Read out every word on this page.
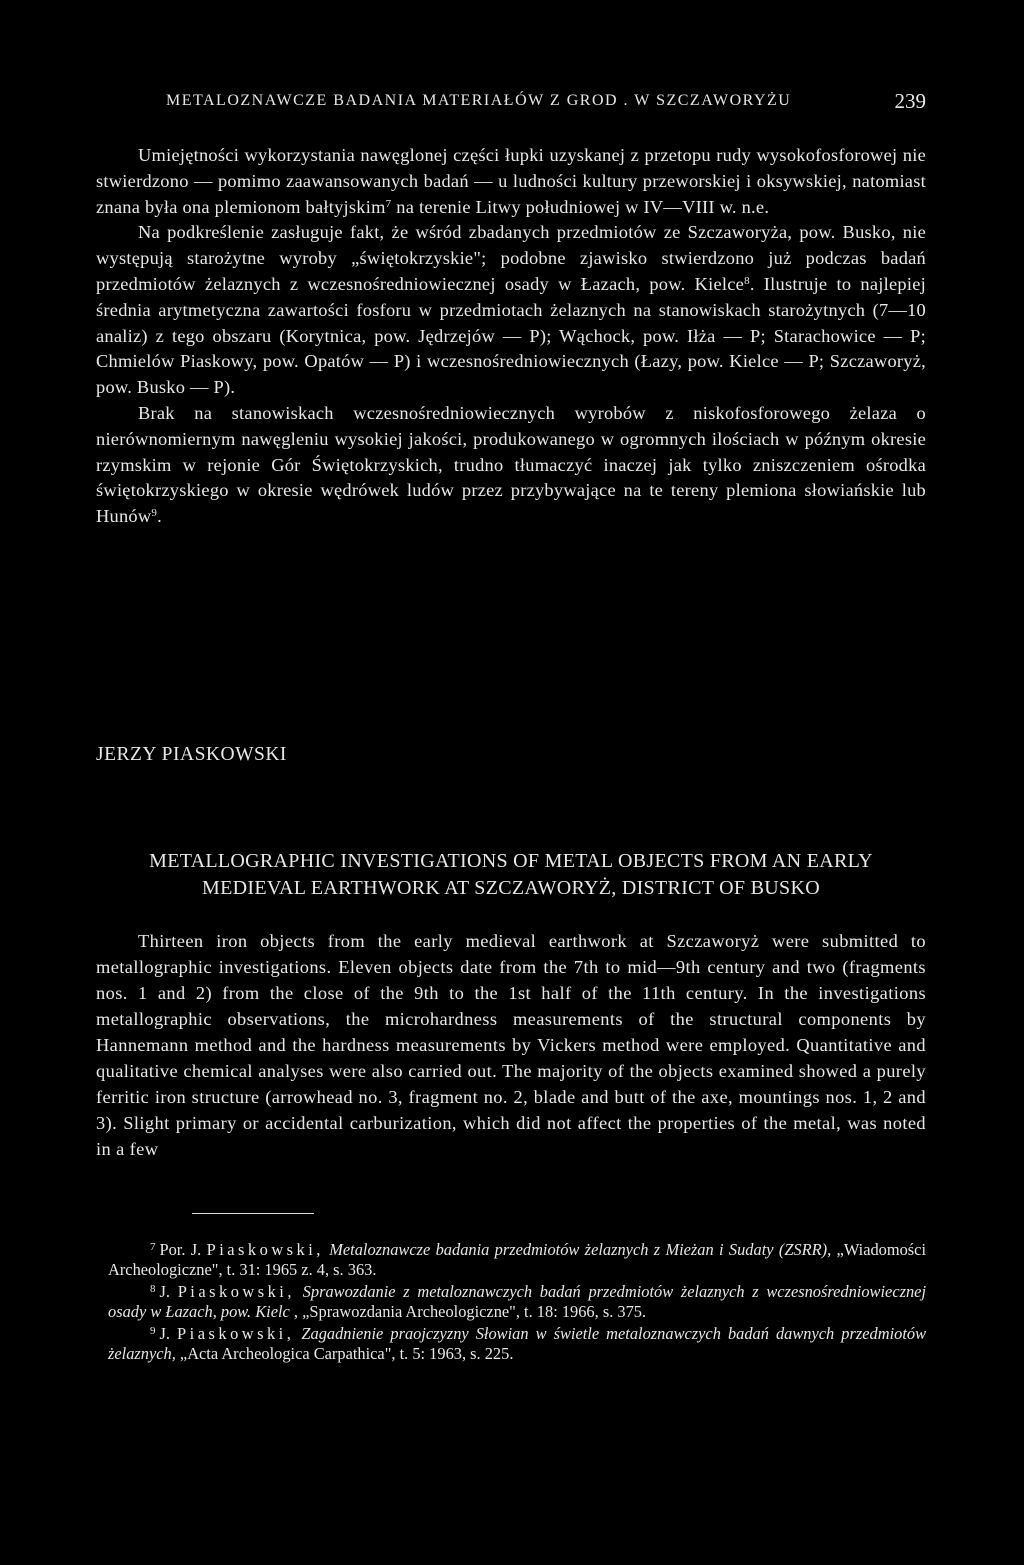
METALOZNAWCZE BADANIA MATERIAŁÓW Z GROD . W SZCZAWORYŻU	239

Umiejętności wykorzystania nawęglonej części łupki uzyskanej z przetopu rudy wysokofosforowej nie stwierdzono — pomimo zaawansowanych badań — u ludności kultury przeworskiej i oksywskiej, natomiast znana była ona plemionom bałtyjskim$^7$ na terenie Litwy południowej w IV—VIII w. n.e.

Na podkreślenie zasługuje fakt, że wśród zbadanych przedmiotów ze Szczaworyża, pow. Busko, nie występują starożytne wyroby „świętokrzyskie"; podobne zjawisko stwierdzono już podczas badań przedmiotów żelaznych z wczesnośredniowiecznej osady w Łazach, pow. Kielce$^8$. Ilustruje to najlepiej średnia arytmetyczna zawartości fosforu w przedmiotach żelaznych na stanowiskach starożytnych (7—10 analiz) z tego obszaru (Korytnica, pow. Jędrzejów — P); Wąchock, pow. Iłża — P; Starachowice — P; Chmielów Piaskowy, pow. Opatów — P) i wczesnośredniowiecznych (Łazy, pow. Kielce — P; Szczaworyż, pow. Busko — P).

Brak na stanowiskach wczesnośredniowiecznych wyrobów z niskofosforowego żelaza o nierównomiernym nawęgleniu wysokiej jakości, produkowanego w ogromnych ilościach w późnym okresie rzymskim w rejonie Gór Świętokrzyskich, trudno tłumaczyć inaczej jak tylko zniszczeniem ośrodka świętokrzyskiego w okresie wędrówek ludów przez przybywające na te tereny plemiona słowiańskie lub Hunów$^9$.

JERZY PIASKOWSKI
METALLOGRAPHIC INVESTIGATIONS OF METAL OBJECTS FROM AN EARLY
MEDIEVAL EARTHWORK AT SZCZAWORYŻ, DISTRICT OF BUSKO

Thirteen iron objects from the early medieval earthwork at Szczaworyż were submitted to metallographic investigations. Eleven objects date from the 7th to mid—9th century and two (fragments nos. 1 and 2) from the close of the 9th to the 1st half of the 11th century. In the investigations metallographic observations, the microhardness measurements of the structural components by Hannemann method and the hardness measurements by Vickers method were employed. Quantitative and qualitative chemical analyses were also carried out. The majority of the objects examined showed a purely ferritic iron structure (arrowhead no. 3, fragment no. 2, blade and butt of the axe, mountings nos. 1, 2 and 3). Slight primary or accidental carburization, which did not affect the properties of the metal, was noted in a few

$^7$ Por. J. Piaskowski, Metaloznawcze badania przedmiotów żelaznych z Mieżan i Sudaty (ZSRR), „Wiadomości Archeologiczne", t. 31: 1965 z. 4, s. 363.

$^8$ J. Piaskowski, Sprawozdanie z metaloznawczych badań przedmiotów żelaznych z wczesnośredniowiecznej osady w Łazach, pow. Kielc , „Sprawozdania Archeologiczne", t. 18: 1966, s. 375.

$^9$ J. Piaskowski, Zagadnienie praojczyzny Słowian w świetle metaloznawczych badań dawnych przedmiotów żelaznych, „Acta Archeologica Carpathica", t. 5: 1963, s. 225.
